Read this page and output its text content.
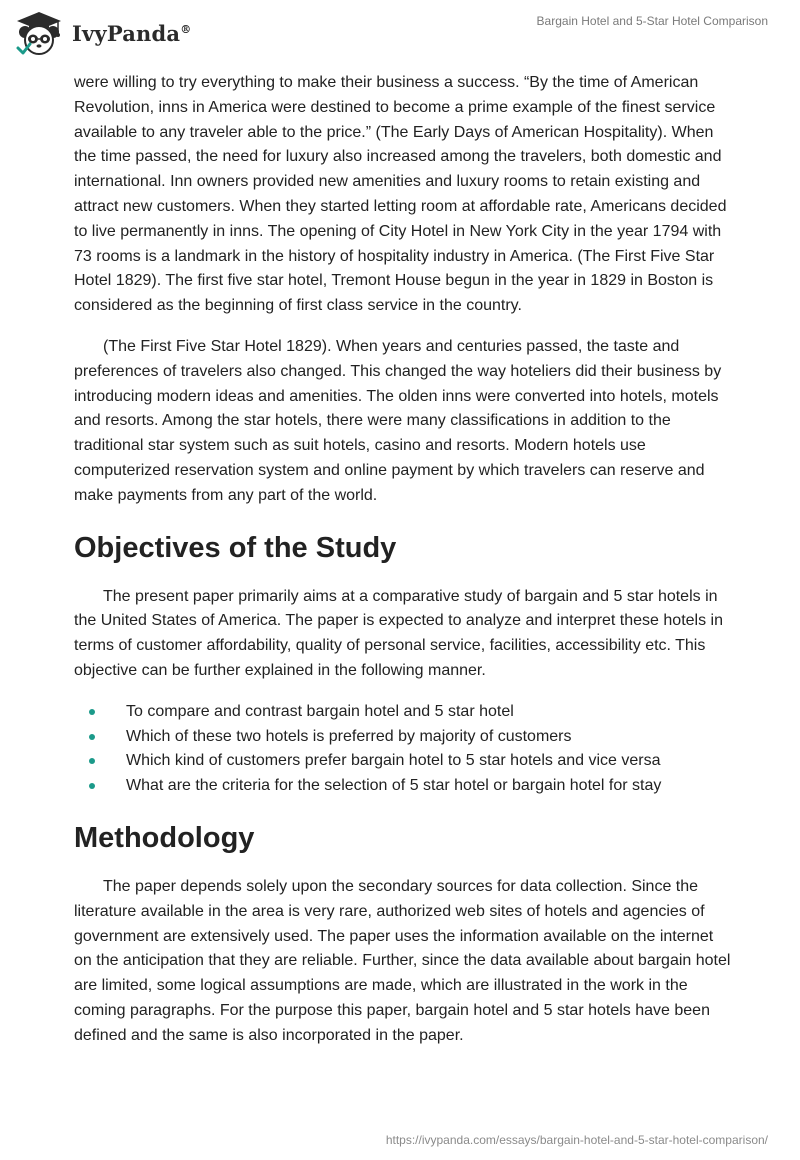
IvyPanda®
Bargain Hotel and 5-Star Hotel Comparison

were willing to try everything to make their business a success. “By the time of American Revolution, inns in America were destined to become a prime example of the finest service available to any traveler able to the price.” (The Early Days of American Hospitality). When the time passed, the need for luxury also increased among the travelers, both domestic and international. Inn owners provided new amenities and luxury rooms to retain existing and attract new customers. When they started letting room at affordable rate, Americans decided to live permanently in inns. The opening of City Hotel in New York City in the year 1794 with 73 rooms is a landmark in the history of hospitality industry in America. (The First Five Star Hotel 1829). The first five star hotel, Tremont House begun in the year in 1829 in Boston is considered as the beginning of first class service in the country.

(The First Five Star Hotel 1829). When years and centuries passed, the taste and preferences of travelers also changed. This changed the way hoteliers did their business by introducing modern ideas and amenities. The olden inns were converted into hotels, motels and resorts. Among the star hotels, there were many classifications in addition to the traditional star system such as suit hotels, casino and resorts. Modern hotels use computerized reservation system and online payment by which travelers can reserve and make payments from any part of the world.

Objectives of the Study

The present paper primarily aims at a comparative study of bargain and 5 star hotels in the United States of America. The paper is expected to analyze and interpret these hotels in terms of customer affordability, quality of personal service, facilities, accessibility etc. This objective can be further explained in the following manner.

To compare and contrast bargain hotel and 5 star hotel
Which of these two hotels is preferred by majority of customers
Which kind of customers prefer bargain hotel to 5 star hotels and vice versa
What are the criteria for the selection of 5 star hotel or bargain hotel for stay
Methodology

The paper depends solely upon the secondary sources for data collection. Since the literature available in the area is very rare, authorized web sites of hotels and agencies of government are extensively used. The paper uses the information available on the internet on the anticipation that they are reliable. Further, since the data available about bargain hotel are limited, some logical assumptions are made, which are illustrated in the work in the coming paragraphs. For the purpose this paper, bargain hotel and 5 star hotels have been defined and the same is also incorporated in the paper.

https://ivypanda.com/essays/bargain-hotel-and-5-star-hotel-comparison/
